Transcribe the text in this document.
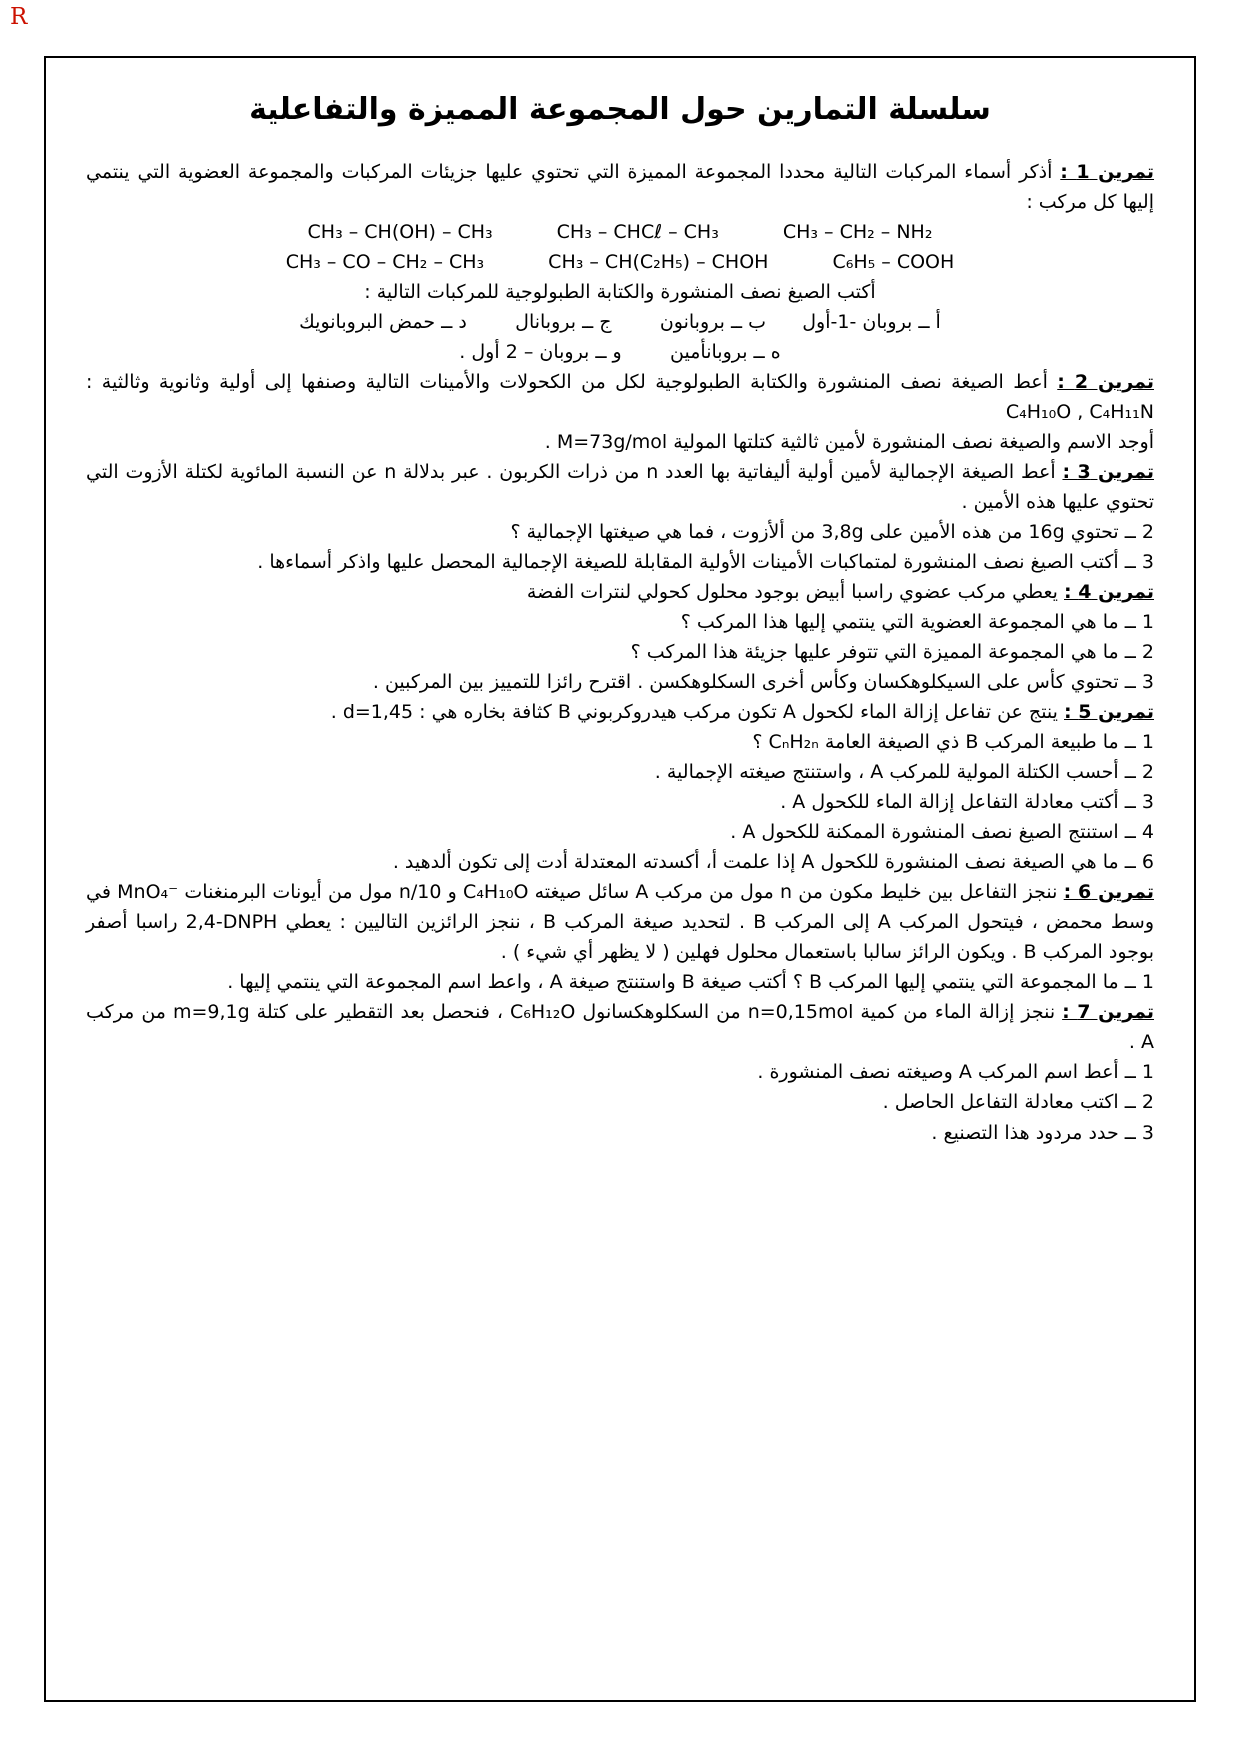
R
سلسلة التمارين حول المجموعة المميزة والتفاعلية

تمرين 1 : أذكر أسماء المركبات التالية محددا المجموعة المميزة التي تحتوي عليها جزيئات المركبات والمجموعة العضوية التي ينتمي إليها كل مركب :

CH₃ – CH(OH) – CH₃	CH₃ – CHCℓ – CH₃	CH₃ – CH₂ – NH₂
CH₃ – CO – CH₂ – CH₃	CH₃ – CH(C₂H₅) – CHOH	C₆H₅ – COOH

أكتب الصيغ نصف المنشورة والكتابة الطبولوجية للمركبات التالية :

أ ــ بروبان -1-أول      ب ــ بروبانون        ج ــ بروبانال        د ــ حمض البروبانويك

ه ــ بروبانأمين        و ــ بروبان – 2 أول .

تمرين 2 : أعط الصيغة نصف المنشورة والكتابة الطبولوجية لكل من الكحولات والأمينات التالية وصنفها إلى أولية وثانوية وثالثية : C₄H₁₀O , C₄H₁₁N

أوجد الاسم والصيغة نصف المنشورة لأمين ثالثية كتلتها المولية ⁦M=73g/mol⁩ .

تمرين 3 : أعط الصيغة الإجمالية لأمين أولية أليفاتية بها العدد n من ذرات الكربون . عبر بدلالة n عن النسبة المائوية لكتلة الأزوت التي تحتوي عليها هذه الأمين .

2 ــ تحتوي 16g من هذه الأمين على 3,8g من ألأزوت ، فما هي صيغتها الإجمالية ؟

3 ــ أكتب الصيغ نصف المنشورة لمتماكبات الأمينات الأولية المقابلة للصيغة الإجمالية المحصل عليها واذكر أسماءها .

تمرين 4 : يعطي مركب عضوي راسبا أبيض بوجود محلول كحولي لنترات الفضة

1 ــ ما هي المجموعة العضوية التي ينتمي إليها هذا المركب ؟

2 ــ ما هي المجموعة المميزة التي تتوفر عليها جزيئة هذا المركب ؟

3 ــ تحتوي كأس على السيكلوهكسان وكأس أخرى السكلوهكسن . اقترح رائزا للتمييز بين المركبين .

تمرين 5 : ينتج عن تفاعل إزالة الماء لكحول A تكون مركب هيدروكربوني B كثافة بخاره هي : ⁦d=1,45⁩ .

1 ــ ما طبيعة المركب B ذي الصيغة العامة ⁦CₙH₂ₙ⁩ ؟

2 ــ أحسب الكتلة المولية للمركب A ، واستنتج صيغته الإجمالية .

3 ــ أكتب معادلة التفاعل إزالة الماء للكحول A .

4 ــ استنتج الصيغ نصف المنشورة الممكنة للكحول A .

6 ــ ما هي الصيغة نصف المنشورة للكحول A إذا علمت أ، أكسدته المعتدلة أدت إلى تكون ألدهيد .

تمرين 6 : ننجز التفاعل بين خليط مكون من n مول من مركب A سائل صيغته C₄H₁₀O و ⁦n/10⁩ مول من أيونات البرمنغنات ⁦MnO₄⁻⁩ في وسط محمض ، فيتحول المركب A إلى المركب B . لتحديد صيغة المركب B ، ننجز الرائزين التاليين : يعطي ⁦2,4-DNPH⁩ راسبا أصفر بوجود المركب B . ويكون الرائز سالبا باستعمال محلول فهلين ( لا يظهر أي شيء ) .

1 ــ ما المجموعة التي ينتمي إليها المركب B ؟ أكتب صيغة B واستنتج صيغة A ، واعط اسم المجموعة التي ينتمي إليها .

تمرين 7 : ننجز إزالة الماء من كمية ⁦n=0,15mol⁩ من السكلوهكسانول C₆H₁₂O ، فنحصل بعد التقطير على كتلة ⁦m=9,1g⁩ من مركب A .

1 ــ أعط اسم المركب A وصيغته نصف المنشورة .

2 ــ اكتب معادلة التفاعل الحاصل .

3 ــ حدد مردود هذا التصنيع .
